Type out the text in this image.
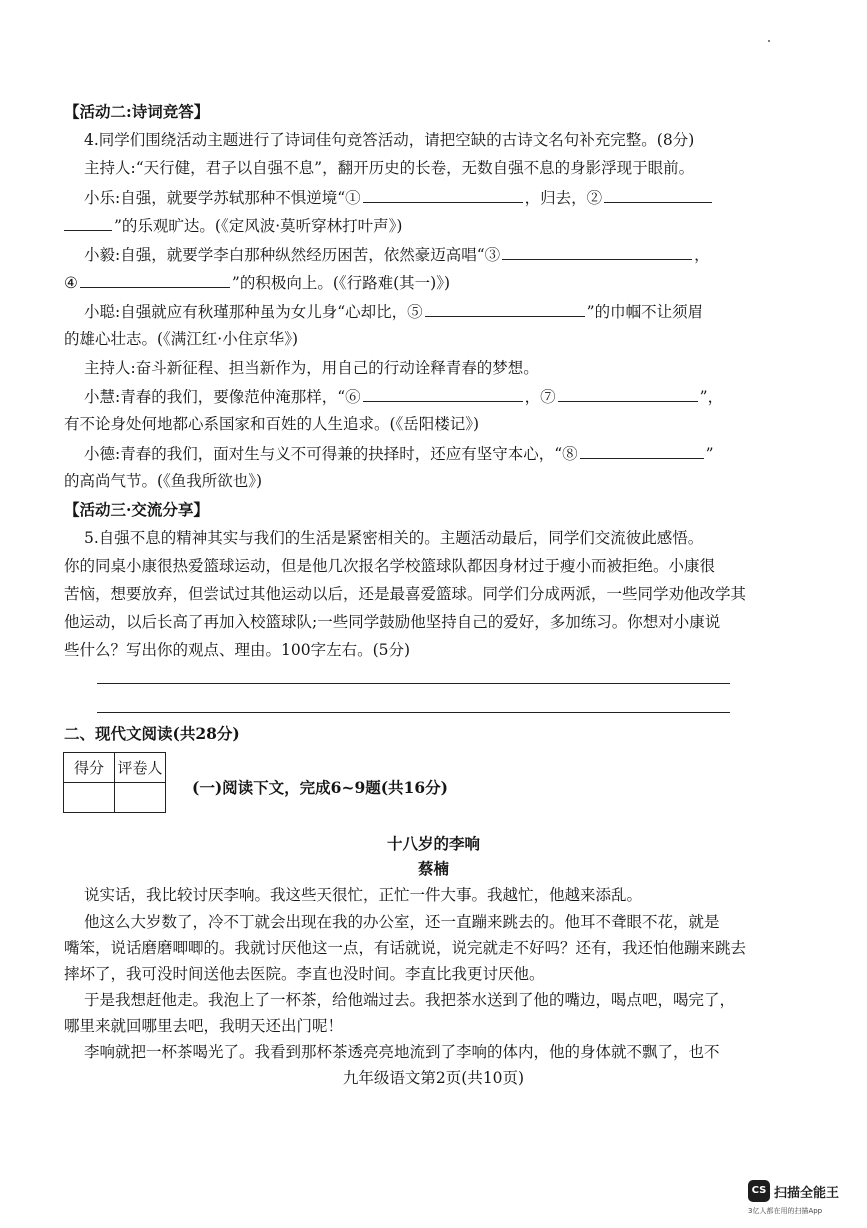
【活动二:诗词竞答】
4.同学们围绕活动主题进行了诗词佳句竞答活动，请把空缺的古诗文名句补充完整。(8分)
主持人:“天行健，君子以自强不息”，翻开历史的长卷，无数自强不息的身影浮现于眼前。
小乐:自强，就要学苏轼那种不惧逆境“①	，归去，②
”的乐观旷达。(《定风波·莫听穿林打叶声》)
小毅:自强，就要学李白那种纵然经历困苦，依然豪迈高唱“③	，
④	”的积极向上。(《行路难(其一)》)
小聪:自强就应有秋瑾那种虽为女儿身“心却比，⑤	”的巾帼不让须眉
的雄心壮志。(《满江红·小住京华》)
主持人:奋斗新征程、担当新作为，用自己的行动诠释青春的梦想。
小慧:青春的我们，要像范仲淹那样，“⑥	，⑦	”，
有不论身处何地都心系国家和百姓的人生追求。(《岳阳楼记》)
小德:青春的我们，面对生与义不可得兼的抉择时，还应有坚守本心，“⑧	”
的高尚气节。(《鱼我所欲也》)
【活动三·交流分享】
5.自强不息的精神其实与我们的生活是紧密相关的。主题活动最后，同学们交流彼此感悟。
你的同桌小康很热爱篮球运动，但是他几次报名学校篮球队都因身材过于瘦小而被拒绝。小康很
苦恼，想要放弃，但尝试过其他运动以后，还是最喜爱篮球。同学们分成两派，一些同学劝他改学其
他运动，以后长高了再加入校篮球队;一些同学鼓励他坚持自己的爱好，多加练习。你想对小康说
些什么？写出你的观点、理由。100字左右。(5分)
二、现代文阅读(共28分)
得分	评卷人

(一)阅读下文，完成6~9题(共16分)
十八岁的李响
蔡楠
说实话，我比较讨厌李响。我这些天很忙，正忙一件大事。我越忙，他越来添乱。
他这么大岁数了，冷不丁就会出现在我的办公室，还一直蹦来跳去的。他耳不聋眼不花，就是
嘴笨，说话磨磨唧唧的。我就讨厌他这一点，有话就说，说完就走不好吗？还有，我还怕他蹦来跳去
摔坏了，我可没时间送他去医院。李直也没时间。李直比我更讨厌他。
于是我想赶他走。我泡上了一杯茶，给他端过去。我把茶水送到了他的嘴边，喝点吧，喝完了，
哪里来就回哪里去吧，我明天还出门呢！
李响就把一杯茶喝光了。我看到那杯茶透亮亮地流到了李响的体内，他的身体就不飘了，也不
九年级语文第2页(共10页)
CS 扫描全能王
3亿人都在用的扫描App
